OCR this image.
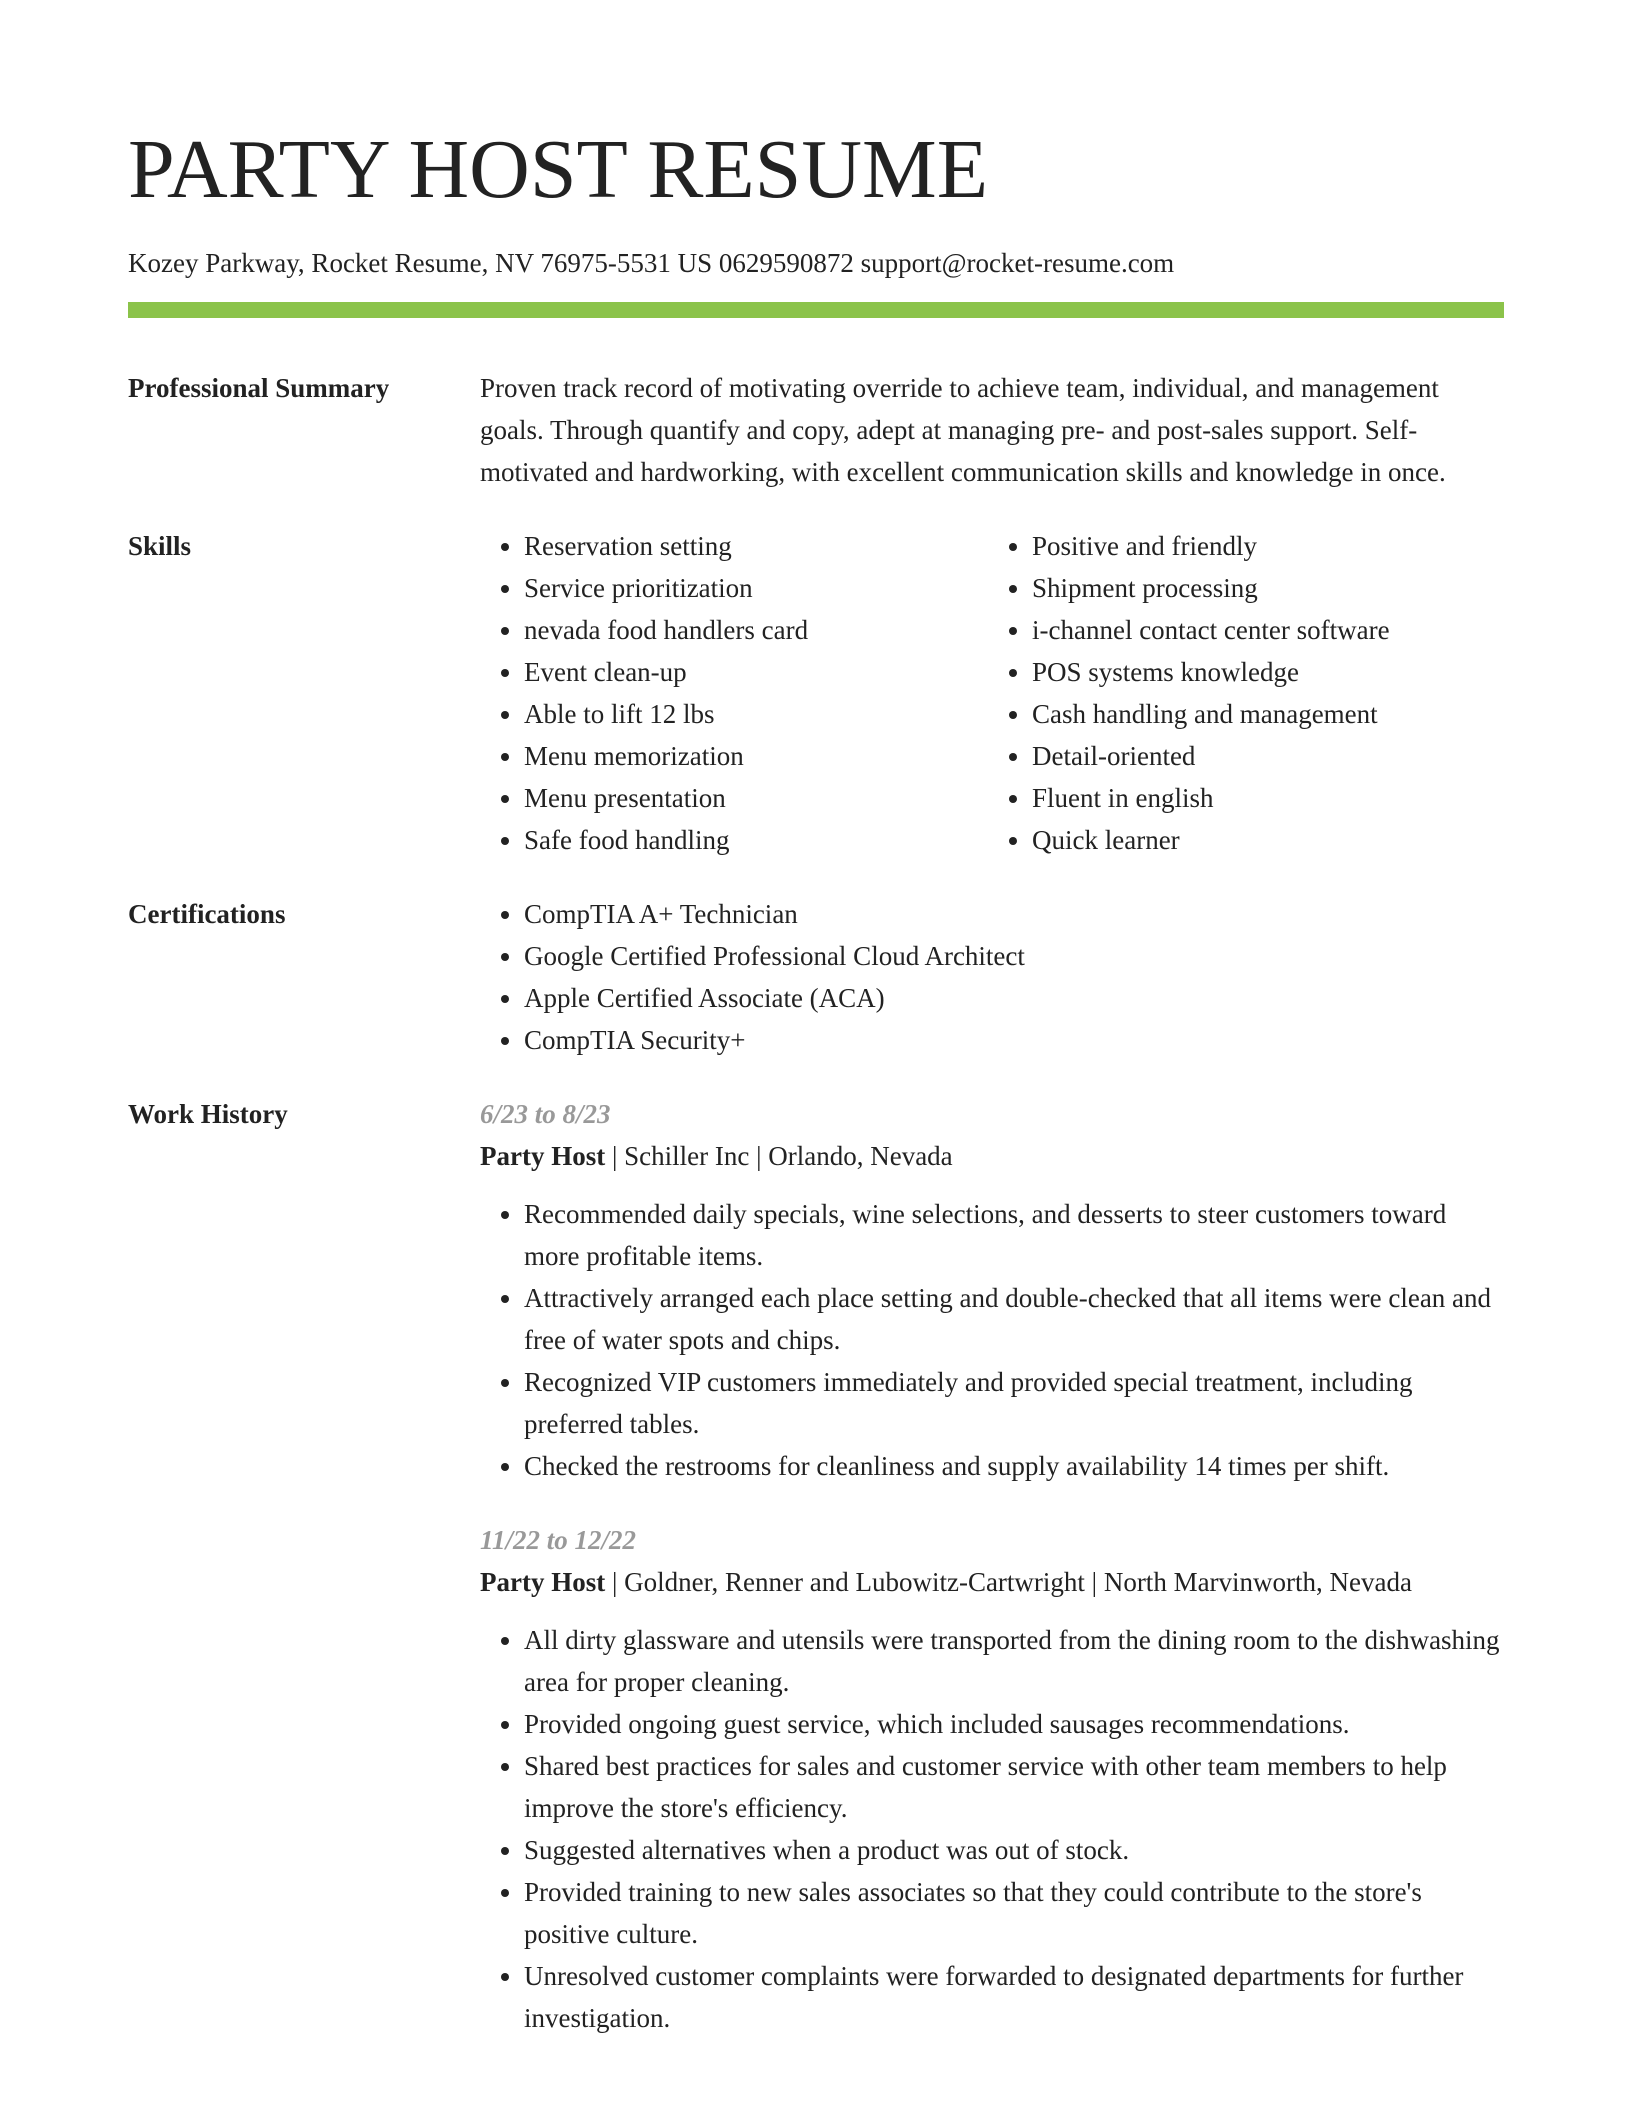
PARTY HOST RESUME
Kozey Parkway, Rocket Resume, NV 76975-5531 US 0629590872 support@rocket-resume.com
Professional Summary	Proven track record of motivating override to achieve team, individual, and management goals. Through quantify and copy, adept at managing pre- and post-sales support. Self-motivated and hardworking, with excellent communication skills and knowledge in once.
Skills	• Reservation setting
• Service prioritization
• nevada food handlers card
• Event clean-up
• Able to lift 12 lbs
• Menu memorization
• Menu presentation
• Safe food handling
• Positive and friendly
• Shipment processing
• i-channel contact center software
• POS systems knowledge
• Cash handling and management
• Detail-oriented
• Fluent in english
• Quick learner
Certifications	• CompTIA A+ Technician
• Google Certified Professional Cloud Architect
• Apple Certified Associate (ACA)
• CompTIA Security+
Work History	6/23 to 8/23
Party Host | Schiller Inc | Orlando, Nevada
• Recommended daily specials, wine selections, and desserts to steer customers toward more profitable items.
• Attractively arranged each place setting and double-checked that all items were clean and free of water spots and chips.
• Recognized VIP customers immediately and provided special treatment, including preferred tables.
• Checked the restrooms for cleanliness and supply availability 14 times per shift.
11/22 to 12/22
Party Host | Goldner, Renner and Lubowitz-Cartwright | North Marvinworth, Nevada
• All dirty glassware and utensils were transported from the dining room to the dishwashing area for proper cleaning.
• Provided ongoing guest service, which included sausages recommendations.
• Shared best practices for sales and customer service with other team members to help improve the store's efficiency.
• Suggested alternatives when a product was out of stock.
• Provided training to new sales associates so that they could contribute to the store's positive culture.
• Unresolved customer complaints were forwarded to designated departments for further investigation.
